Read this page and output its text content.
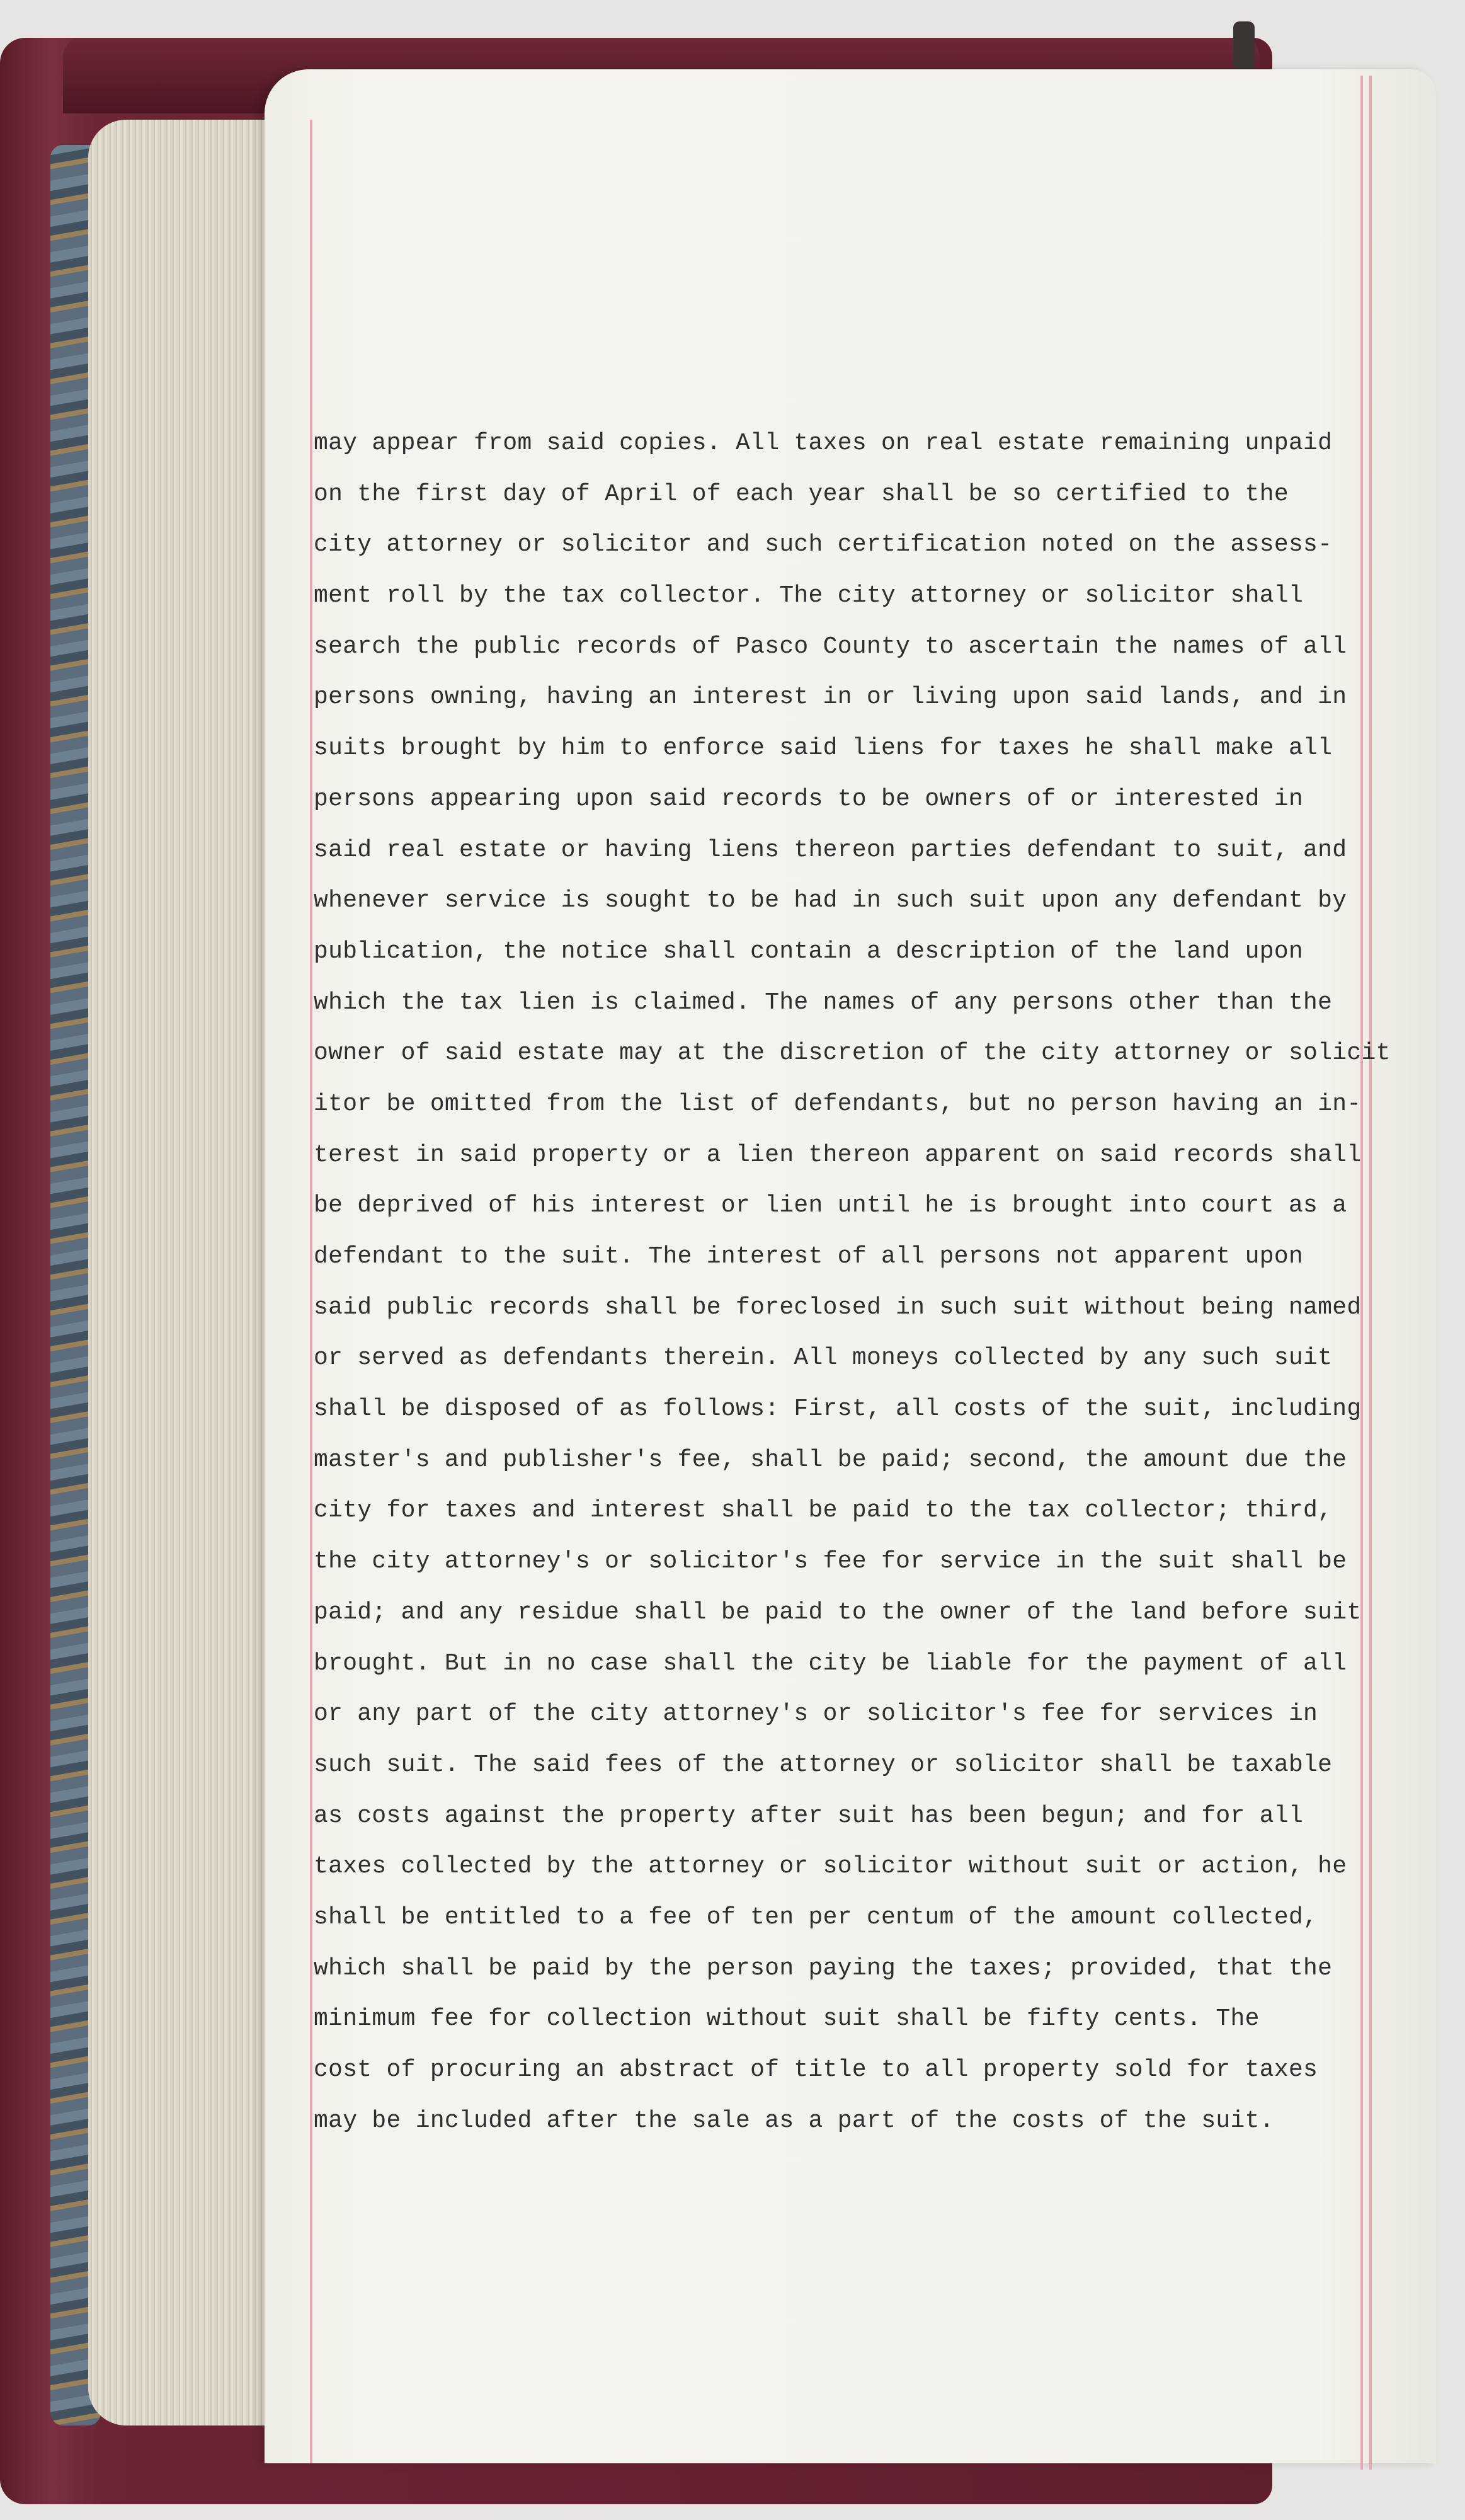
may appear from said copies. All taxes on real estate remaining unpaid
on the first day of April of each year shall be so certified to the
city attorney or solicitor and such certification noted on the assess-
ment roll by the tax collector. The city attorney or solicitor shall
search the public records of Pasco County to ascertain the names of all
persons owning, having an interest in or living upon said lands, and in
suits brought by him to enforce said liens for taxes he shall make all
persons appearing upon said records to be owners of or interested in
said real estate or having liens thereon parties defendant to suit, and
whenever service is sought to be had in such suit upon any defendant by
publication, the notice shall contain a description of the land upon
which the tax lien is claimed. The names of any persons other than the
owner of said estate may at the discretion of the city attorney or solicit
itor be omitted from the list of defendants, but no person having an in-
terest in said property or a lien thereon apparent on said records shall
be deprived of his interest or lien until he is brought into court as a
defendant to the suit. The interest of all persons not apparent upon
said public records shall be foreclosed in such suit without being named
or served as defendants therein. All moneys collected by any such suit
shall be disposed of as follows: First, all costs of the suit, including
master's and publisher's fee, shall be paid; second, the amount due the
city for taxes and interest shall be paid to the tax collector; third,
the city attorney's or solicitor's fee for service in the suit shall be
paid; and any residue shall be paid to the owner of the land before suit
brought. But in no case shall the city be liable for the payment of all
or any part of the city attorney's or solicitor's fee for services in
such suit. The said fees of the attorney or solicitor shall be taxable
as costs against the property after suit has been begun; and for all
taxes collected by the attorney or solicitor without suit or action, he
shall be entitled to a fee of ten per centum of the amount collected,
which shall be paid by the person paying the taxes; provided, that the
minimum fee for collection without suit shall be fifty cents. The
cost of procuring an abstract of title to all property sold for taxes
may be included after the sale as a part of the costs of the suit.
